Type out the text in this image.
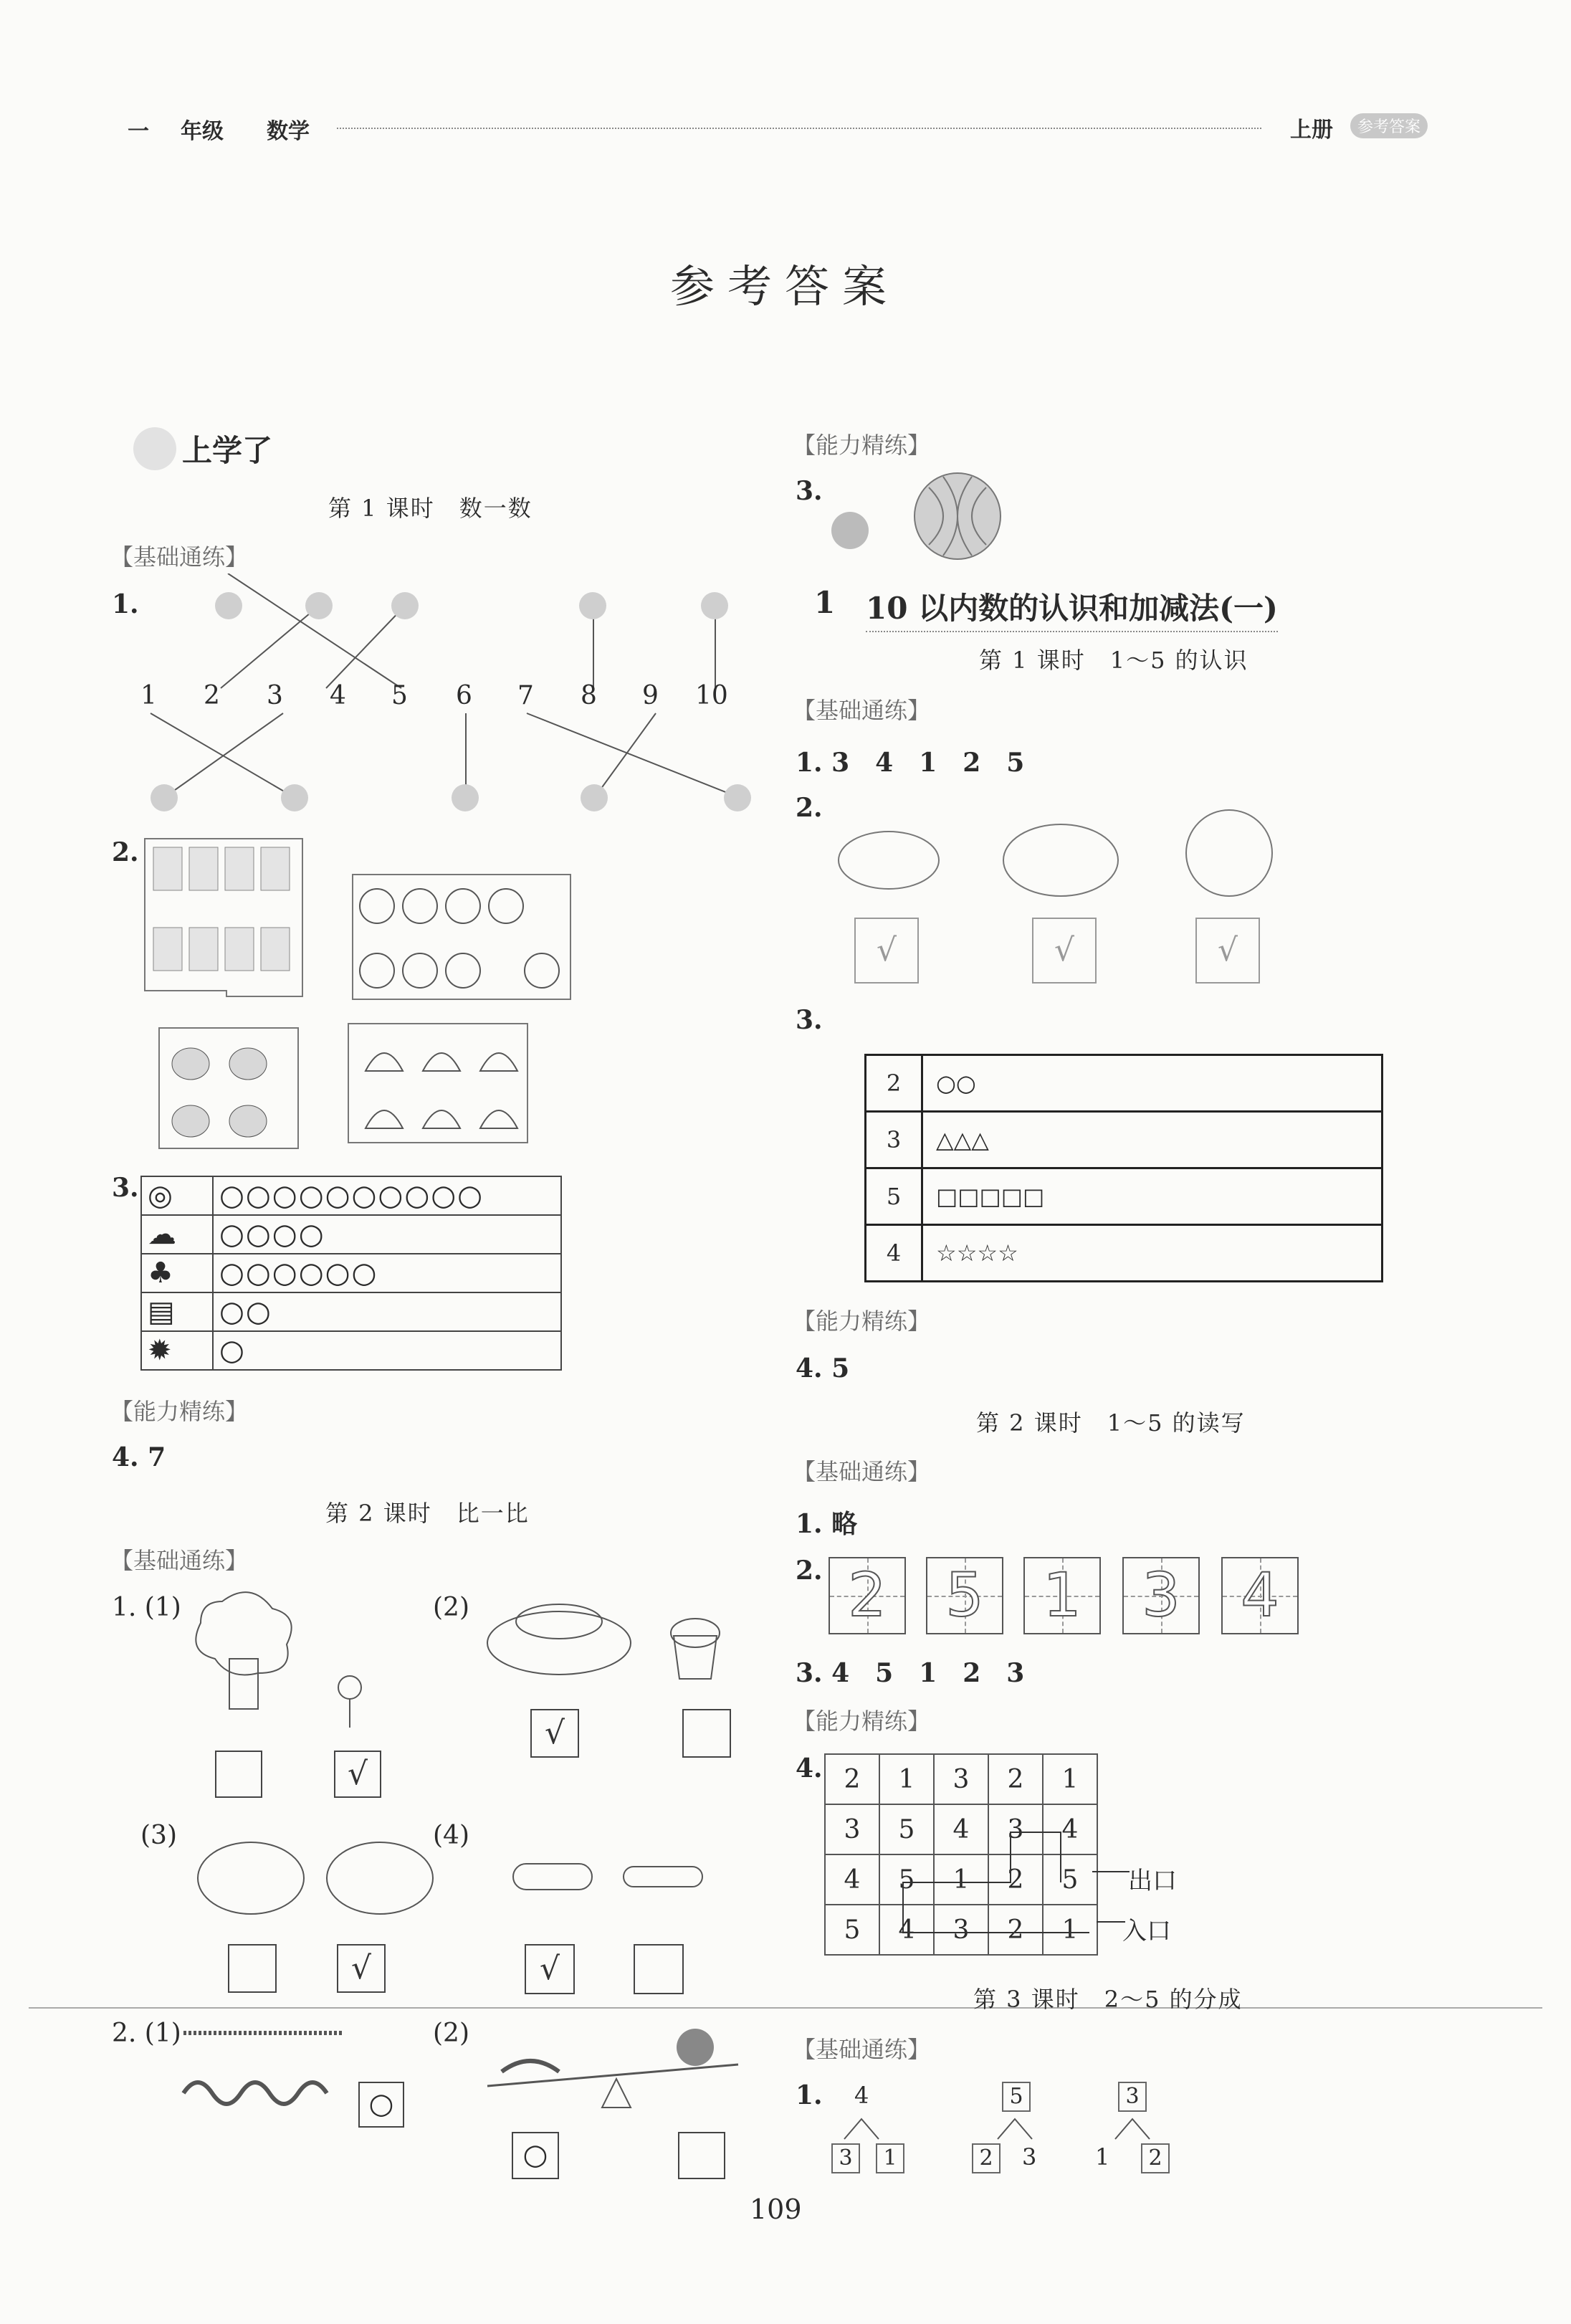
一 年级 数学	上册	参考答案
参考答案
上学了
第 1 课时　数一数
【基础通练】
1.
1 2 3 4 5 6 7 8 9 10
2.
3. ◎	○○○○○○○○○○
☁	○○○○
♣	○○○○○○
▤	○○
✹	○
【能力精练】
4. 7
第 2 课时　比一比
【基础通练】
1. (1)
√
(2)
√
(3)
√
(4)
√
2. (1)
○
(2)
○
【能力精练】
3.
1 10 以内数的认识和加减法(一)
第 1 课时　1～5 的认识
【基础通练】
1. 3　4　1　2　5
2.
√	√	√
3.
2	○○
3	△△△
5	□□□□□
4	☆☆☆☆
【能力精练】
4. 5
第 2 课时　1～5 的读写
【基础通练】
1. 略
2. 2 5 1	3	4
3. 4　5　1　2　3
【能力精练】
4. 2	1	3	2	1
3	5	4	3	4
4	5	1	2	5
5	4	3	2	1
出口
入口
第 3 课时　2～5 的分成
【基础通练】
1. 4
3	1
5
2	3
3
1	2
109
